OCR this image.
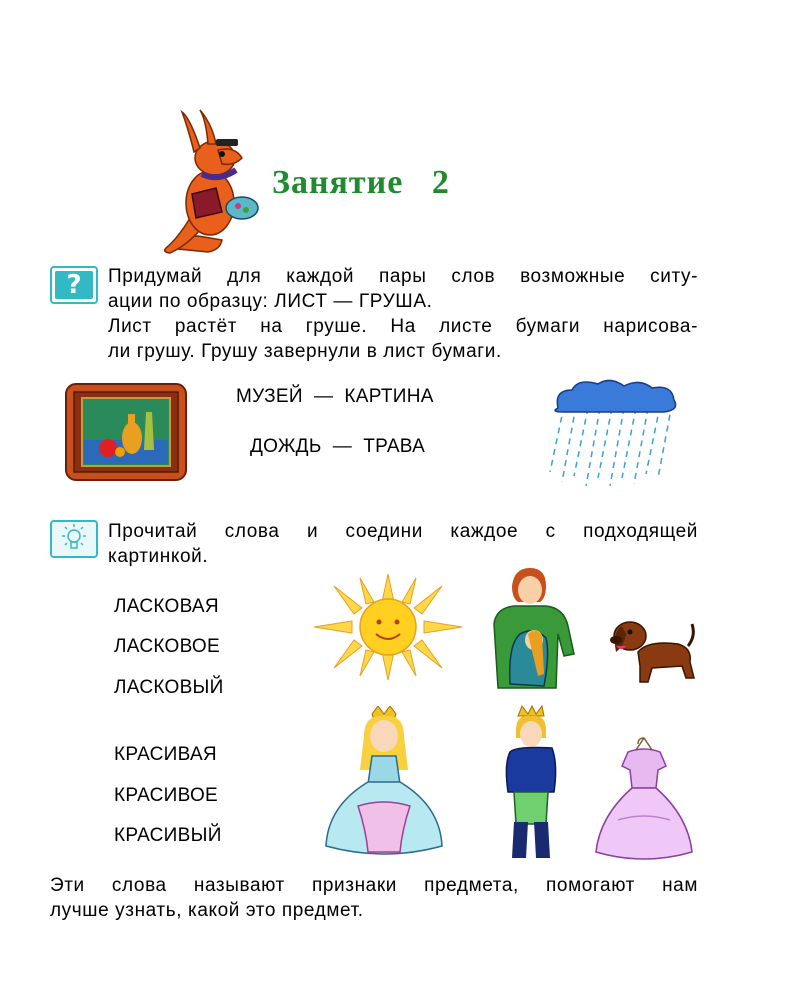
Занятие   2
?	Придумай для каждой пары слов возможные ситу-
ации по образцу: ЛИСТ — ГРУША.
Лист растёт на груше. На листе бумаги нарисова-
ли грушу. Грушу завернули в лист бумаги.
МУЗЕЙ  —  КАРТИНА
ДОЖДЬ  —  ТРАВА
Прочитай слова и соедини каждое с подходящей
картинкой.
ЛАСКОВАЯ
ЛАСКОВОЕ
ЛАСКОВЫЙ
КРАСИВАЯ
КРАСИВОЕ
КРАСИВЫЙ
Эти слова называют признаки предмета, помогают нам
лучше узнать, какой это предмет.
